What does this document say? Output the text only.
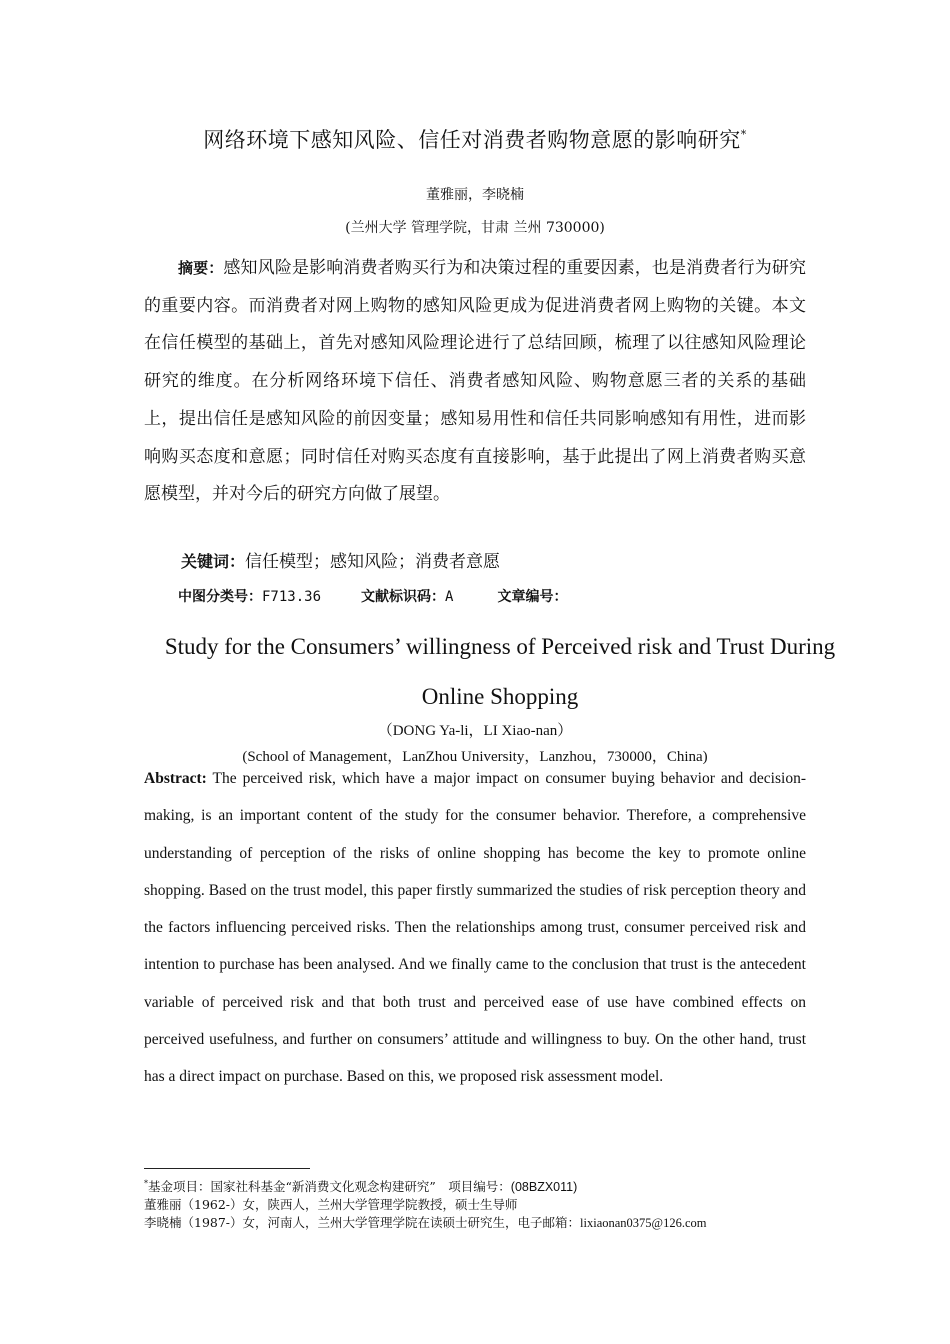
网络环境下感知风险、信任对消费者购物意愿的影响研究*
董雅丽，李晓楠
(兰州大学 管理学院，甘肃 兰州 730000)
摘要：感知风险是影响消费者购买行为和决策过程的重要因素，也是消费者行为研究的重要内容。而消费者对网上购物的感知风险更成为促进消费者网上购物的关键。本文在信任模型的基础上，首先对感知风险理论进行了总结回顾，梳理了以往感知风险理论研究的维度。在分析网络环境下信任、消费者感知风险、购物意愿三者的关系的基础上，提出信任是感知风险的前因变量；感知易用性和信任共同影响感知有用性，进而影响购买态度和意愿；同时信任对购买态度有直接影响，基于此提出了网上消费者购买意愿模型，并对今后的研究方向做了展望。
关键词：信任模型；感知风险；消费者意愿
中图分类号：F713.36	文献标识码：A	文章编号：
Study for the Consumers’ willingness of Perceived risk and Trust During Online Shopping
（DONG Ya-li，LI Xiao-nan）
(School of Management，LanZhou University，Lanzhou，730000，China)
Abstract: The perceived risk, which have a major impact on consumer buying behavior and decision-making, is an important content of the study for the consumer behavior. Therefore, a comprehensive understanding of perception of the risks of online shopping has become the key to promote online shopping. Based on the trust model, this paper firstly summarized the studies of risk perception theory and the factors influencing perceived risks. Then the relationships among trust, consumer perceived risk and intention to purchase has been analysed. And we finally came to the conclusion that trust is the antecedent variable of perceived risk and that both trust and perceived ease of use have combined effects on perceived usefulness, and further on consumers’ attitude and willingness to buy. On the other hand, trust has a direct impact on purchase. Based on this, we proposed risk assessment model.
*基金项目：国家社科基金“新消费文化观念构建研究”　项目编号：(08BZX011)
董雅丽（1962-）女，陕西人，兰州大学管理学院教授，硕士生导师
李晓楠（1987-）女，河南人，兰州大学管理学院在读硕士研究生，电子邮箱：lixiaonan0375@126.com
